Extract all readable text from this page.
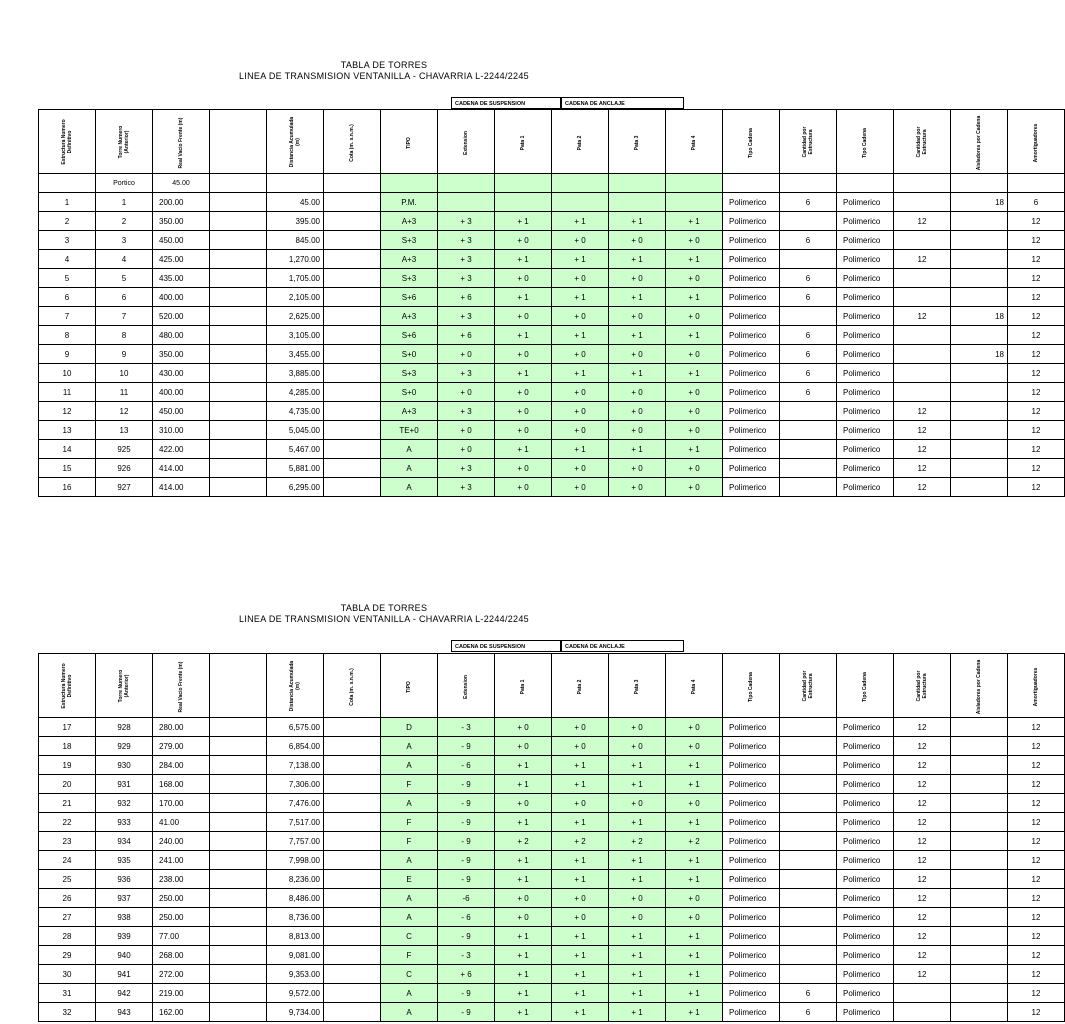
TABLA DE TORRES
LINEA DE TRANSMISION VENTANILLA - CHAVARRIA L-2244/2245
CADENA DE SUSPENSION	CADENA DE ANCLAJE
Estructura Numero Definitivo	Torre Numero (Anterior)	Real Vacio Frente (m)		Distancia Acumulada (m)	Cota (m. s.n.m.)	TIPO	Extension	Pata 1	Pata 2	Pata 3	Pata 4	Tipo Cadena	Cantidad por Estructura	Tipo Cadena	Cantidad por Estructura	Aisladores por Cadena	Amortiguadores
	Portico	45.00															
1	1	200.00		45.00		P.M.						Polimerico	6	Polimerico		18	6
2	2	350.00		395.00		A+3	+ 3	+ 1	+ 1	+ 1	+ 1	Polimerico		Polimerico	12		12
3	3	450.00		845.00		S+3	+ 3	+ 0	+ 0	+ 0	+ 0	Polimerico	6	Polimerico			12
4	4	425.00		1,270.00		A+3	+ 3	+ 1	+ 1	+ 1	+ 1	Polimerico		Polimerico	12		12
5	5	435.00		1,705.00		S+3	+ 3	+ 0	+ 0	+ 0	+ 0	Polimerico	6	Polimerico			12
6	6	400.00		2,105.00		S+6	+ 6	+ 1	+ 1	+ 1	+ 1	Polimerico	6	Polimerico			12
7	7	520.00		2,625.00		A+3	+ 3	+ 0	+ 0	+ 0	+ 0	Polimerico		Polimerico	12	18	12
8	8	480.00		3,105.00		S+6	+ 6	+ 1	+ 1	+ 1	+ 1	Polimerico	6	Polimerico			12
9	9	350.00		3,455.00		S+0	+ 0	+ 0	+ 0	+ 0	+ 0	Polimerico	6	Polimerico		18	12
10	10	430.00		3,885.00		S+3	+ 3	+ 1	+ 1	+ 1	+ 1	Polimerico	6	Polimerico			12
11	11	400.00		4,285.00		S+0	+ 0	+ 0	+ 0	+ 0	+ 0	Polimerico	6	Polimerico			12
12	12	450.00		4,735.00		A+3	+ 3	+ 0	+ 0	+ 0	+ 0	Polimerico		Polimerico	12		12
13	13	310.00		5,045.00		TE+0	+ 0	+ 0	+ 0	+ 0	+ 0	Polimerico		Polimerico	12		12
14	925	422.00		5,467.00		A	+ 0	+ 1	+ 1	+ 1	+ 1	Polimerico		Polimerico	12		12
15	926	414.00		5,881.00		A	+ 3	+ 0	+ 0	+ 0	+ 0	Polimerico		Polimerico	12		12
16	927	414.00		6,295.00		A	+ 3	+ 0	+ 0	+ 0	+ 0	Polimerico		Polimerico	12		12
TABLA DE TORRES
LINEA DE TRANSMISION VENTANILLA - CHAVARRIA L-2244/2245
CADENA DE SUSPENSION	CADENA DE ANCLAJE
Estructura Numero Definitivo	Torre Numero (Anterior)	Real Vacio Frente (m)		Distancia Acumulada (m)	Cota (m. s.n.m.)	TIPO	Extension	Pata 1	Pata 2	Pata 3	Pata 4	Tipo Cadena	Cantidad por Estructura	Tipo Cadena	Cantidad por Estructura	Aisladores por Cadena	Amortiguadores
17	928	280.00		6,575.00		D	- 3	+ 0	+ 0	+ 0	+ 0	Polimerico		Polimerico	12		12
18	929	279.00		6,854.00		A	- 9	+ 0	+ 0	+ 0	+ 0	Polimerico		Polimerico	12		12
19	930	284.00		7,138.00		A	- 6	+ 1	+ 1	+ 1	+ 1	Polimerico		Polimerico	12		12
20	931	168.00		7,306.00		F	- 9	+ 1	+ 1	+ 1	+ 1	Polimerico		Polimerico	12		12
21	932	170.00		7,476.00		A	- 9	+ 0	+ 0	+ 0	+ 0	Polimerico		Polimerico	12		12
22	933	41.00		7,517.00		F	- 9	+ 1	+ 1	+ 1	+ 1	Polimerico		Polimerico	12		12
23	934	240.00		7,757.00		F	- 9	+ 2	+ 2	+ 2	+ 2	Polimerico		Polimerico	12		12
24	935	241.00		7,998.00		A	- 9	+ 1	+ 1	+ 1	+ 1	Polimerico		Polimerico	12		12
25	936	238.00		8,236.00		E	- 9	+ 1	+ 1	+ 1	+ 1	Polimerico		Polimerico	12		12
26	937	250.00		8,486.00		A	-6	+ 0	+ 0	+ 0	+ 0	Polimerico		Polimerico	12		12
27	938	250.00		8,736.00		A	- 6	+ 0	+ 0	+ 0	+ 0	Polimerico		Polimerico	12		12
28	939	77.00		8,813.00		C	- 9	+ 1	+ 1	+ 1	+ 1	Polimerico		Polimerico	12		12
29	940	268.00		9,081.00		F	- 3	+ 1	+ 1	+ 1	+ 1	Polimerico		Polimerico	12		12
30	941	272.00		9,353.00		C	+ 6	+ 1	+ 1	+ 1	+ 1	Polimerico		Polimerico	12		12
31	942	219.00		9,572.00		A	- 9	+ 1	+ 1	+ 1	+ 1	Polimerico	6	Polimerico			12
32	943	162.00		9,734.00		A	- 9	+ 1	+ 1	+ 1	+ 1	Polimerico	6	Polimerico			12
